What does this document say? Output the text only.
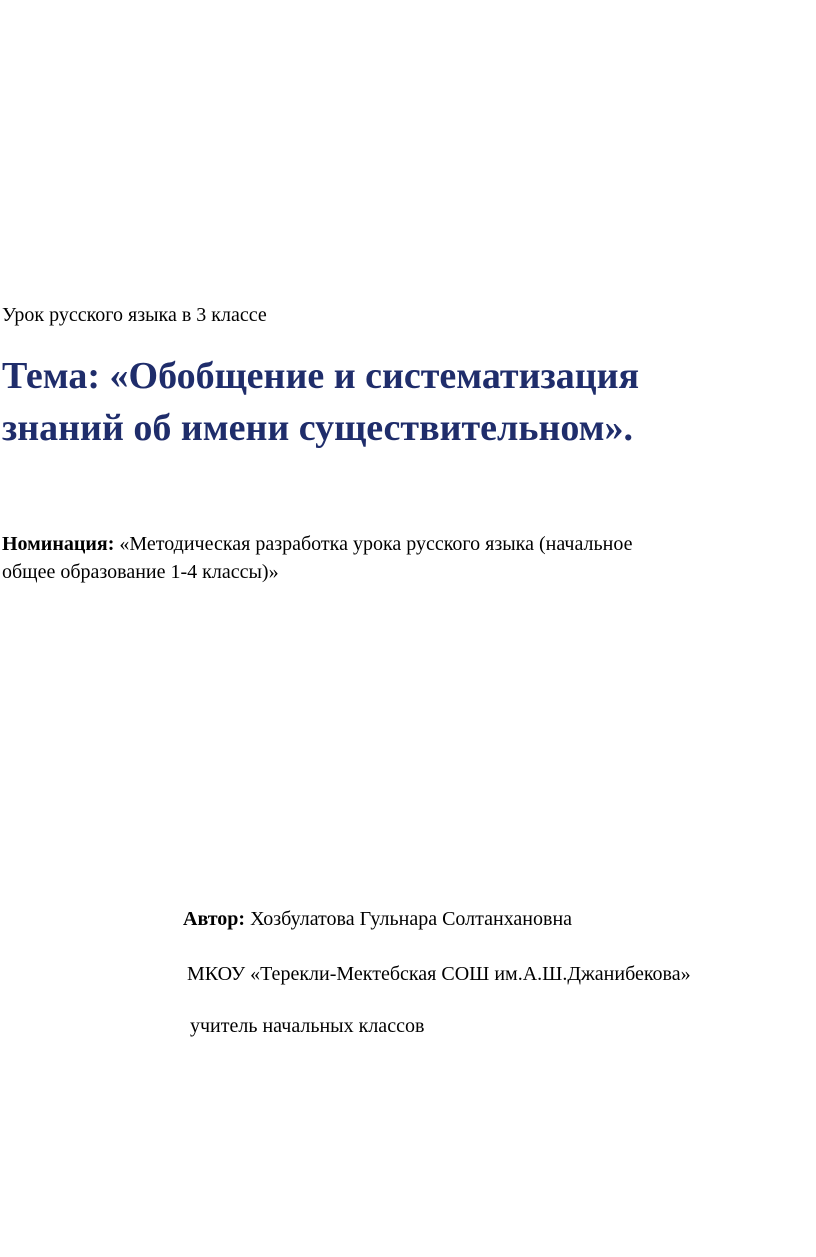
Урок русского языка в 3 классе
Тема: «Обобщение и систематизация
знаний об имени существительном».
Номинация: «Методическая разработка урока русского языка (начальное
общее образование 1-4 классы)»
Автор: Хозбулатова Гульнара Солтанхановна
МКОУ «Терекли-Мектебская СОШ им.А.Ш.Джанибекова»
учитель начальных классов
